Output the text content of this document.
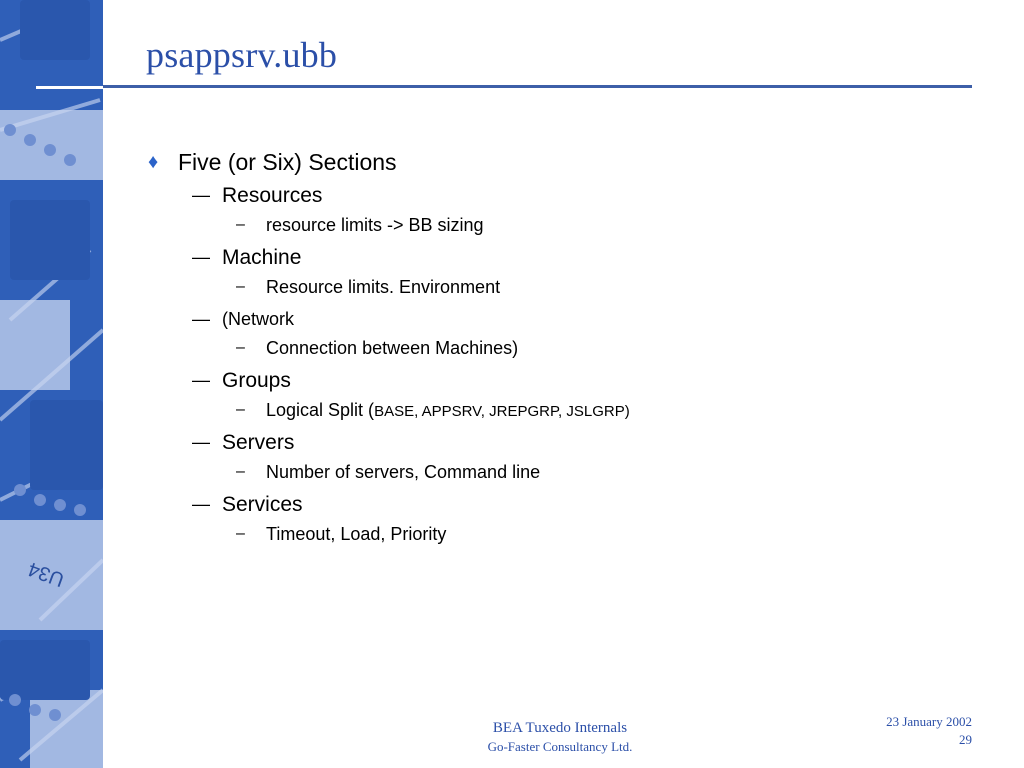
U34
psappsrv.ubb
♦ Five (or Six) Sections
— Resources
– resource limits -> BB sizing
— Machine
– Resource limits. Environment
— (Network
– Connection between Machines)
— Groups
– Logical Split (BASE, APPSRV, JREPGRP, JSLGRP)
— Servers
– Number of servers, Command line
— Services
– Timeout, Load, Priority
BEA Tuxedo Internals
Go-Faster Consultancy Ltd.
23 January 2002
29
